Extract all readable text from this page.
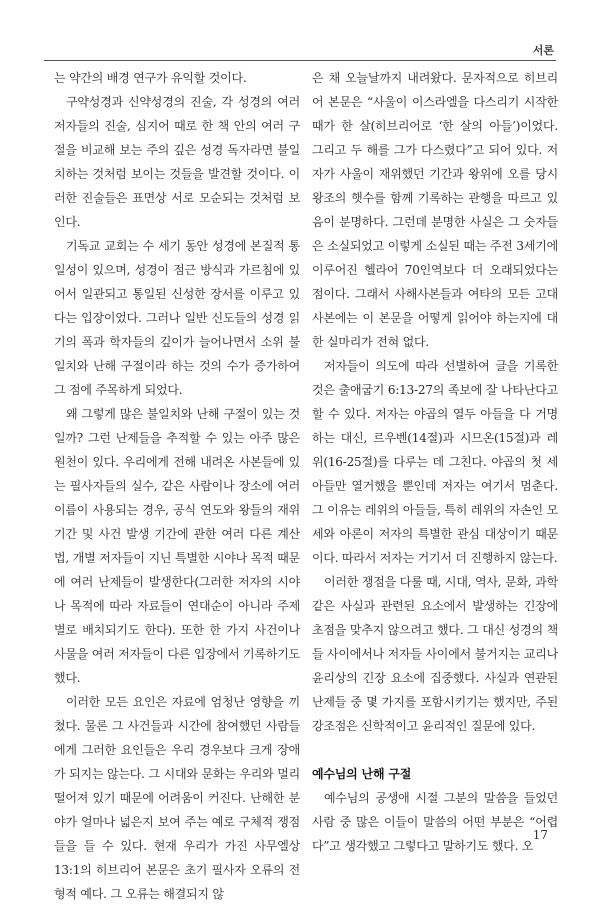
서론

는 약간의 배경 연구가 유익할 것이다.

구약성경과 신약성경의 진술, 각 성경의 여러 저자들의 진술, 심지어 때로 한 책 안의 여러 구절을 비교해 보는 주의 깊은 성경 독자라면 불일치하는 것처럼 보이는 것들을 발견할 것이다. 이러한 진술들은 표면상 서로 모순되는 것처럼 보인다.

기독교 교회는 수 세기 동안 성경에 본질적 통일성이 있으며, 성경이 점근 방식과 가르침에 있어서 일관되고 통일된 신성한 장서를 이루고 있다는 입장이었다. 그러나 일반 신도들의 성경 읽기의 폭과 학자들의 깊이가 늘어나면서 소위 불일치와 난해 구절이라 하는 것의 수가 증가하여 그 점에 주목하게 되었다.

왜 그렇게 많은 불일치와 난해 구절이 있는 것일까? 그런 난제들을 추적할 수 있는 아주 많은 원천이 있다. 우리에게 전해 내려온 사본들에 있는 필사자들의 실수, 같은 사람이나 장소에 여러 이름이 사용되는 경우, 공식 연도와 왕들의 재위 기간 및 사건 발생 기간에 관한 여러 다른 계산법, 개별 저자들이 지닌 특별한 시야나 목적 때문에 여러 난제들이 발생한다(그러한 저자의 시야나 목적에 따라 자료들이 연대순이 아니라 주제별로 배치되기도 한다). 또한 한 가지 사건이나 사물을 여러 저자들이 다른 입장에서 기록하기도 했다.

이러한 모든 요인은 자료에 엄청난 영향을 끼쳤다. 물론 그 사건들과 시간에 참여했던 사람들에게 그러한 요인들은 우리 경우보다 크게 장애가 되지는 않는다. 그 시대와 문화는 우리와 멀리 떨어져 있기 때문에 어려움이 커진다. 난해한 분야가 얼마나 넓은지 보여 주는 예로 구체적 쟁점들을 들 수 있다. 현재 우리가 가진 사무엘상 13:1의 히브리어 본문은 초기 필사자 오류의 전형적 예다. 그 오류는 해결되지 않

은 채 오늘날까지 내려왔다. 문자적으로 히브리어 본문은 “사울이 이스라엘을 다스리기 시작한 때가 한 살(히브리어로 ‘한 살의 아들’)이었다. 그리고 두 해를 그가 다스렸다”고 되어 있다. 저자가 사울이 재위했던 기간과 왕위에 오를 당시 왕조의 햇수를 함께 기록하는 관행을 따르고 있음이 분명하다. 그런데 분명한 사실은 그 숫자들은 소실되었고 이렇게 소실된 때는 주전 3세기에 이루어진 헬라어 70인역보다 더 오래되었다는 점이다. 그래서 사해사본들과 여타의 모든 고대 사본에는 이 본문을 어떻게 읽어야 하는지에 대한 실마리가 전혀 없다.

저자들이 의도에 따라 선별하여 글을 기록한 것은 출애굽기 6:13-27의 족보에 잘 나타난다고 할 수 있다. 저자는 야곱의 열두 아들을 다 거명하는 대신, 르우벤(14절)과 시므온(15절)과 레위(16-25절)를 다루는 데 그친다. 야곱의 첫 세 아들만 열거했을 뿐인데 저자는 여기서 멈춘다. 그 이유는 레위의 아들들, 특히 레위의 자손인 모세와 아론이 저자의 특별한 관심 대상이기 때문이다. 따라서 저자는 거기서 더 진행하지 않는다.

이러한 쟁점을 다룰 때, 시대, 역사, 문화, 과학 같은 사실과 관련된 요소에서 발생하는 긴장에 초점을 맞추지 않으려고 했다. 그 대신 성경의 책들 사이에서나 저자들 사이에서 불거지는 교리나 윤리상의 긴장 요소에 집중했다. 사실과 연관된 난제들 중 몇 가지를 포함시키기는 했지만, 주된 강조점은 신학적이고 윤리적인 질문에 있다.

예수님의 난해 구절

예수님의 공생애 시절 그분의 말씀을 들었던 사람 중 많은 이들이 말씀의 어떤 부분은 “어렵다”고 생각했고 그렇다고 말하기도 했다. 오

17
